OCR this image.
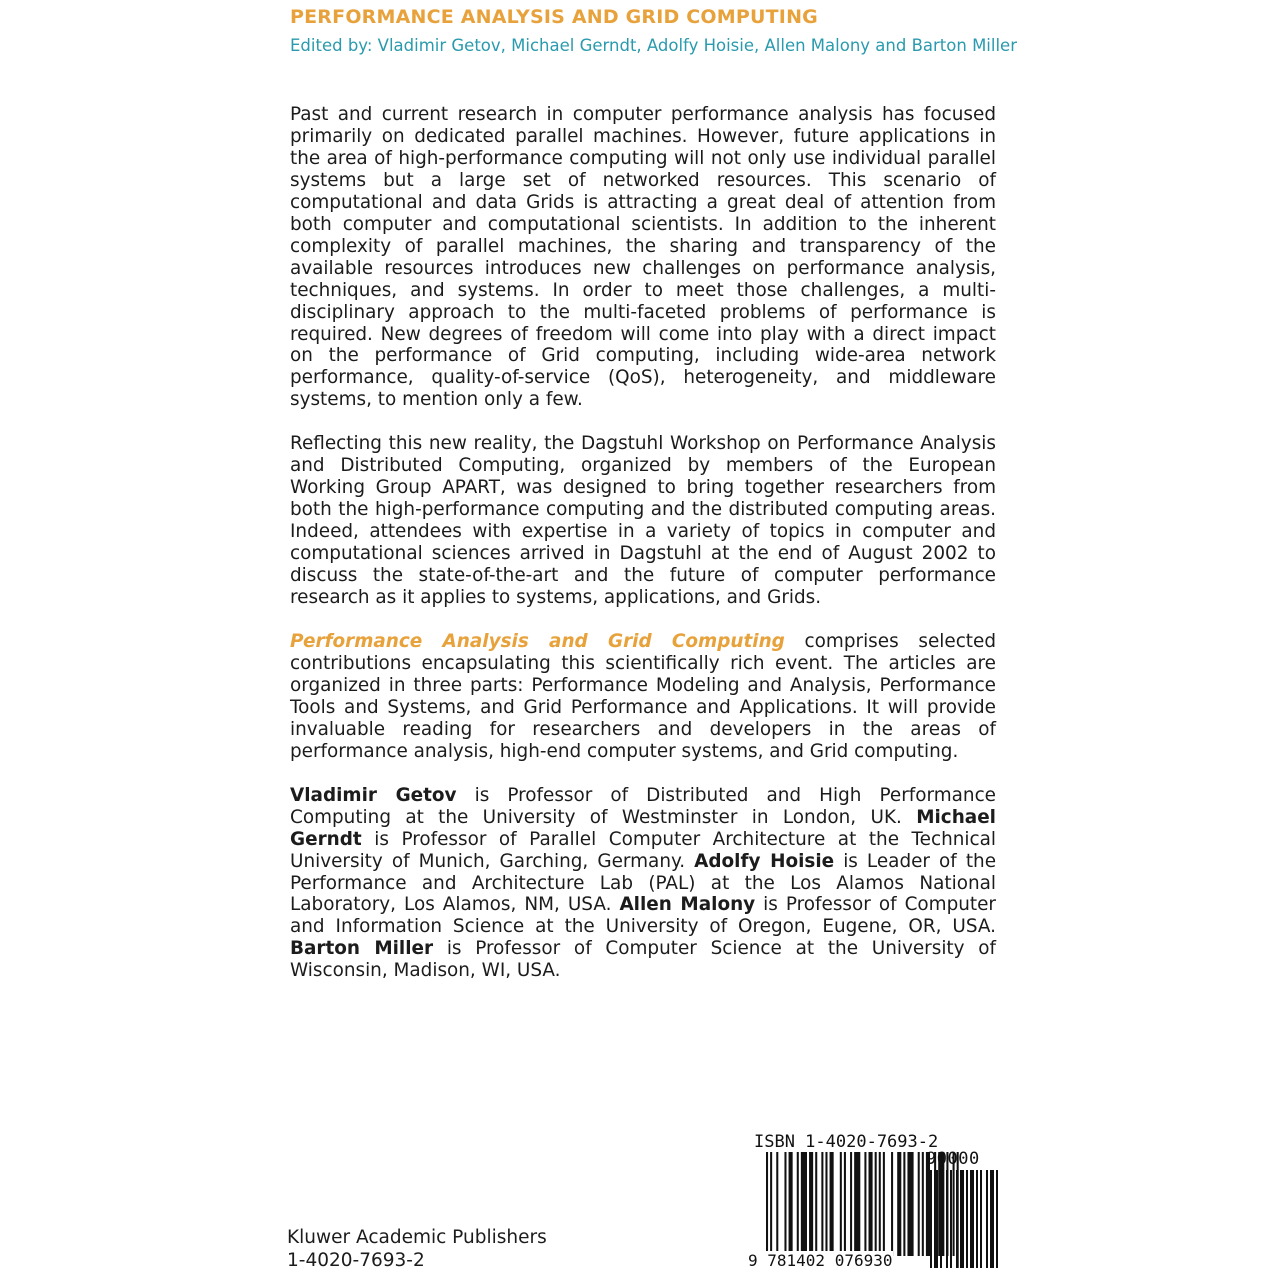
PERFORMANCE ANALYSIS AND GRID COMPUTING
Edited by: Vladimir Getov, Michael Gerndt, Adolfy Hoisie, Allen Malony and Barton Miller

Past and current research in computer performance analysis has focused primarily on dedicated parallel machines. However, future applications in the area of high-performance computing will not only use individual parallel systems but a large set of networked resources. This scenario of computational and data Grids is attracting a great deal of attention from both computer and computational scientists. In addition to the inherent complexity of parallel machines, the sharing and transparency of the available resources introduces new challenges on performance analysis, techniques, and systems. In order to meet those challenges, a multi-disciplinary approach to the multi-faceted problems of performance is required. New degrees of freedom will come into play with a direct impact on the performance of Grid computing, including wide-area network performance, quality-of-service (QoS), heterogeneity, and middleware systems, to mention only a few.

Reflecting this new reality, the Dagstuhl Workshop on Performance Analysis and Distributed Computing, organized by members of the European Working Group APART, was designed to bring together researchers from both the high-performance computing and the distributed computing areas. Indeed, attendees with expertise in a variety of topics in computer and computational sciences arrived in Dagstuhl at the end of August 2002 to discuss the state-of-the-art and the future of computer performance research as it applies to systems, applications, and Grids.

Performance Analysis and Grid Computing comprises selected contributions encapsulating this scientifically rich event. The articles are organized in three parts: Performance Modeling and Analysis, Performance Tools and Systems, and Grid Performance and Applications. It will provide invaluable reading for researchers and developers in the areas of performance analysis, high-end computer systems, and Grid computing.

Vladimir Getov is Professor of Distributed and High Performance Computing at the University of Westminster in London, UK. Michael Gerndt is Professor of Parallel Computer Architecture at the Technical University of Munich, Garching, Germany. Adolfy Hoisie is Leader of the Performance and Architecture Lab (PAL) at the Los Alamos National Laboratory, Los Alamos, NM, USA. Allen Malony is Professor of Computer and Information Science at the University of Oregon, Eugene, OR, USA. Barton Miller is Professor of Computer Science at the University of Wisconsin, Madison, WI, USA.

Kluwer Academic Publishers
1-4020-7693-2
ISBN 1-4020-7693-2
90000
9 781402 076930
